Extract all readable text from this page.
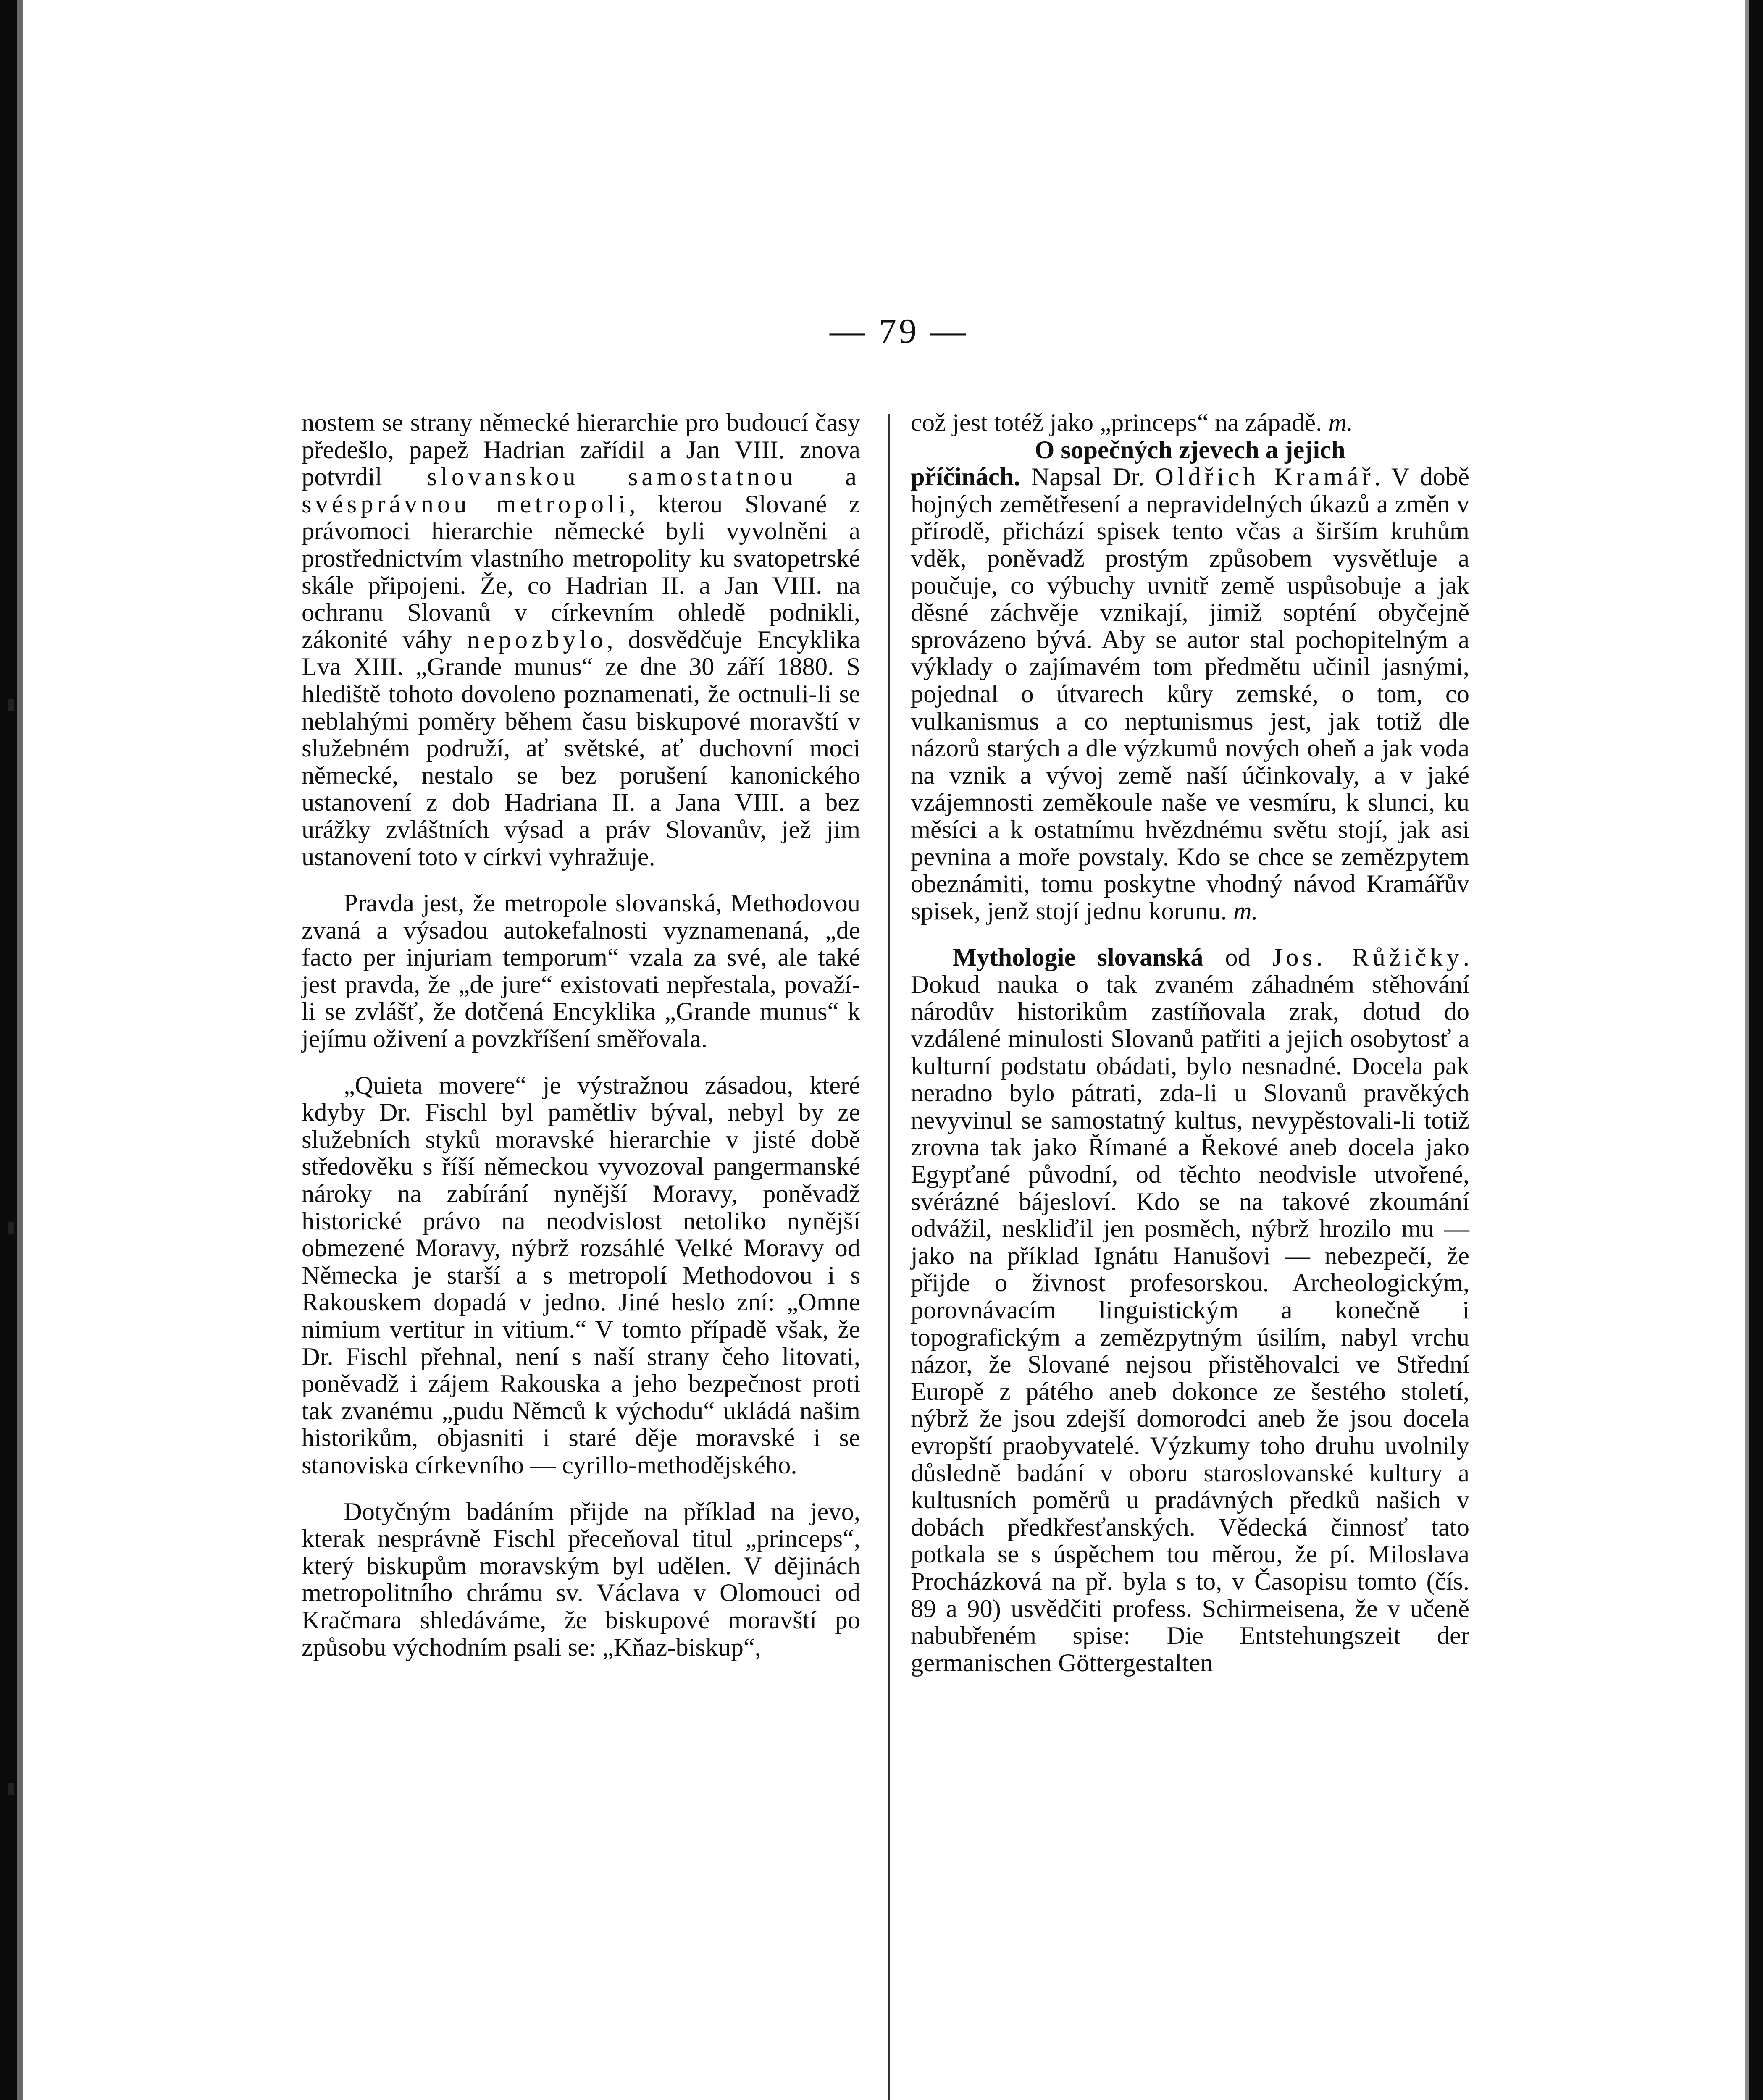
— 79 —

nostem se strany německé hierarchie pro budoucí časy předešlo, papež Hadrian zařídil a Jan VIII. znova potvrdil slovanskou samostatnou a svésprávnou metropoli, kterou Slované z právomoci hierarchie německé byli vyvolněni a prostřednictvím vlastního metropolity ku svatopetrské skále připojeni. Že, co Hadrian II. a Jan VIII. na ochranu Slovanů v církevním ohledě podnikli, zákonité váhy nepozbylo, dosvědčuje Encyklika Lva XIII. „Grande munus“ ze dne 30 září 1880. S hlediště tohoto dovoleno poznamenati, že octnuli-li se neblahými poměry během času biskupové moravští v služebném podruží, ať světské, ať duchovní moci německé, nestalo se bez porušení kanonického ustanovení z dob Hadriana II. a Jana VIII. a bez urážky zvláštních výsad a práv Slovanův, jež jim ustanovení toto v církvi vyhražuje.

Pravda jest, že metropole slovanská, Methodovou zvaná a výsadou autokefalnosti vyznamenaná, „de facto per injuriam temporum“ vzala za své, ale také jest pravda, že „de jure“ existovati nepřestala, považí-li se zvlášť, že dotčená Encyklika „Grande munus“ k jejímu oživení a povzkříšení směřovala.

„Quieta movere“ je výstražnou zásadou, které kdyby Dr. Fischl byl pamětliv býval, nebyl by ze služebních styků moravské hierarchie v jisté době středověku s říší německou vyvozoval pangermanské nároky na zabírání nynější Moravy, poněvadž historické právo na neodvislost netoliko nynější obmezené Moravy, nýbrž rozsáhlé Velké Moravy od Německa je starší a s metropolí Methodovou i s Rakouskem dopadá v jedno. Jiné heslo zní: „Omne nimium vertitur in vitium.“ V tomto případě však, že Dr. Fischl přehnal, není s naší strany čeho litovati, poněvadž i zájem Rakouska a jeho bezpečnost proti tak zvanému „pudu Němců k východu“ ukládá našim historikům, objasniti i staré děje moravské i se stanoviska církevního — cyrillo-methodějského.

Dotyčným badáním přijde na příklad na jevo, kterak nesprávně Fischl přeceňoval titul „princeps“, který biskupům moravským byl udělen. V dějinách metropolitního chrámu sv. Václava v Olomouci od Kračmara shledáváme, že biskupové moravští po způsobu východním psali se: „Kňaz-biskup“,

což jest totéž jako „princeps“ na západě. m.

O sopečných zjevech a jejich

příčinách. Napsal Dr. Oldřich Kramář. V době hojných zemětřesení a nepravidelných úkazů a změn v přírodě, přichází spisek tento včas a širším kruhům vděk, poněvadž prostým způsobem vysvětluje a poučuje, co výbuchy uvnitř země uspůsobuje a jak děsné záchvěje vznikají, jimiž sopténí obyčejně sprovázeno bývá. Aby se autor stal pochopitelným a výklady o zajímavém tom předmětu učinil jasnými, pojednal o útvarech kůry zemské, o tom, co vulkanismus a co neptunismus jest, jak totiž dle názorů starých a dle výzkumů nových oheň a jak voda na vznik a vývoj země naší účinkovaly, a v jaké vzájemnosti zeměkoule naše ve vesmíru, k slunci, ku měsíci a k ostatnímu hvězdnému světu stojí, jak asi pevnina a moře povstaly. Kdo se chce se zemězpytem obeznámiti, tomu poskytne vhodný návod Kramářův spisek, jenž stojí jednu korunu. m.

Mythologie slovanská od Jos. Růžičky. Dokud nauka o tak zvaném záhadném stěhování národův historikům zastíňovala zrak, dotud do vzdálené minulosti Slovanů patřiti a jejich osobytosť a kulturní podstatu obádati, bylo nesnadné. Docela pak neradno bylo pátrati, zda-li u Slovanů pravěkých nevyvinul se samostatný kultus, nevypěstovali-li totiž zrovna tak jako Římané a Řekové aneb docela jako Egypťané původní, od těchto neodvisle utvořené, svérázné bájesloví. Kdo se na takové zkoumání odvážil, neskliďil jen posměch, nýbrž hrozilo mu — jako na příklad Ignátu Hanušovi — nebezpečí, že přijde o živnost profesorskou. Archeologickým, porovnávacím linguistickým a konečně i topografickým a zemězpytným úsilím, nabyl vrchu názor, že Slované nejsou přistěhovalci ve Střední Europě z pátého aneb dokonce ze šestého století, nýbrž že jsou zdejší domorodci aneb že jsou docela evropští praobyvatelé. Výzkumy toho druhu uvolnily důsledně badání v oboru staroslovanské kultury a kultusních poměrů u pradávných předků našich v dobách předkřesťanských. Vědecká činnosť tato potkala se s úspěchem tou měrou, že pí. Miloslava Procházková na př. byla s to, v Časopisu tomto (čís. 89 a 90) usvědčiti profess. Schirmeisena, že v učeně nabubřeném spise: Die Entstehungszeit der germanischen Göttergestalten
